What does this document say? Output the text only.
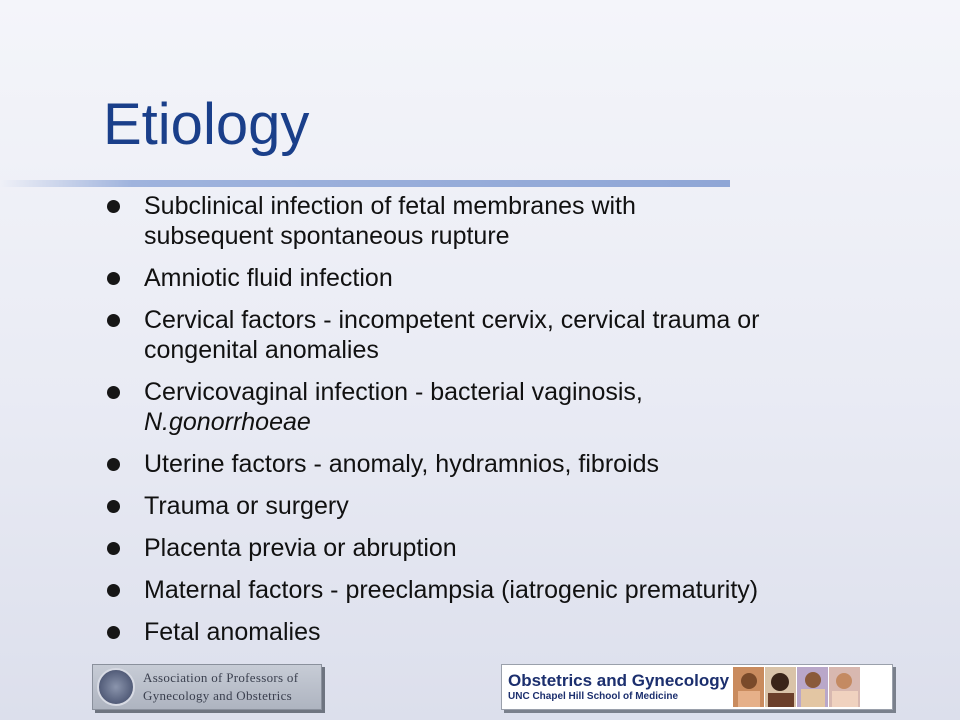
Etiology
Subclinical infection of fetal membranes with
subsequent spontaneous rupture
Amniotic fluid infection
Cervical factors - incompetent cervix, cervical trauma or
congenital anomalies
Cervicovaginal infection - bacterial vaginosis,
N.gonorrhoeae
Uterine factors - anomaly, hydramnios, fibroids
Trauma or surgery
Placenta previa or abruption
Maternal factors - preeclampsia (iatrogenic prematurity)
Fetal anomalies
Association of Professors of
Gynecology and Obstetrics
Obstetrics and Gynecology
UNC Chapel Hill School of Medicine
